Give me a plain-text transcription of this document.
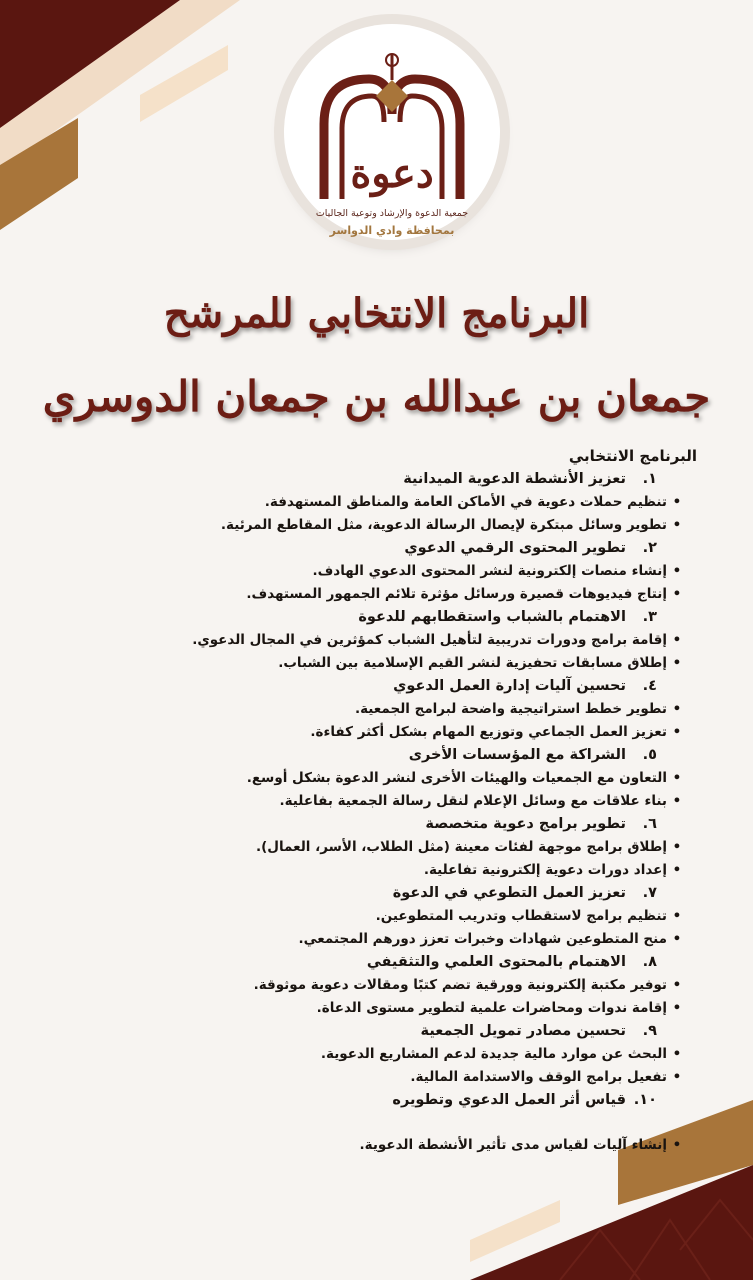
دعوة
جمعية الدعوة والإرشاد وتوعية الجاليات
بمحافظة وادي الدواسر
البرنامج الانتخابي للمرشح
جمعان بن عبدالله بن جمعان الدوسري
البرنامج الانتخابي
١. تعزيز الأنشطة الدعوية الميدانية
• تنظيم حملات دعوية في الأماكن العامة والمناطق المستهدفة.
• تطوير وسائل مبتكرة لإيصال الرسالة الدعوية، مثل المقاطع المرئية.
٢. تطوير المحتوى الرقمي الدعوي
• إنشاء منصات إلكترونية لنشر المحتوى الدعوي الهادف.
• إنتاج فيديوهات قصيرة ورسائل مؤثرة تلائم الجمهور المستهدف.
٣. الاهتمام بالشباب واستقطابهم للدعوة
• إقامة برامج ودورات تدريبية لتأهيل الشباب كمؤثرين في المجال الدعوي.
• إطلاق مسابقات تحفيزية لنشر القيم الإسلامية بين الشباب.
٤. تحسين آليات إدارة العمل الدعوي
• تطوير خطط استراتيجية واضحة لبرامج الجمعية.
• تعزيز العمل الجماعي وتوزيع المهام بشكل أكثر كفاءة.
٥. الشراكة مع المؤسسات الأخرى
• التعاون مع الجمعيات والهيئات الأخرى لنشر الدعوة بشكل أوسع.
• بناء علاقات مع وسائل الإعلام لنقل رسالة الجمعية بفاعلية.
٦. تطوير برامج دعوية متخصصة
• إطلاق برامج موجهة لفئات معينة (مثل الطلاب، الأسر، العمال).
• إعداد دورات دعوية إلكترونية تفاعلية.
٧. تعزيز العمل التطوعي في الدعوة
• تنظيم برامج لاستقطاب وتدريب المتطوعين.
• منح المتطوعين شهادات وخبرات تعزز دورهم المجتمعي.
٨. الاهتمام بالمحتوى العلمي والتثقيفي
• توفير مكتبة إلكترونية وورقية تضم كتبًا ومقالات دعوية موثوقة.
• إقامة ندوات ومحاضرات علمية لتطوير مستوى الدعاة.
٩. تحسين مصادر تمويل الجمعية
• البحث عن موارد مالية جديدة لدعم المشاريع الدعوية.
• تفعيل برامج الوقف والاستدامة المالية.
١٠. قياس أثر العمل الدعوي وتطويره
• إنشاء آليات لقياس مدى تأثير الأنشطة الدعوية.
